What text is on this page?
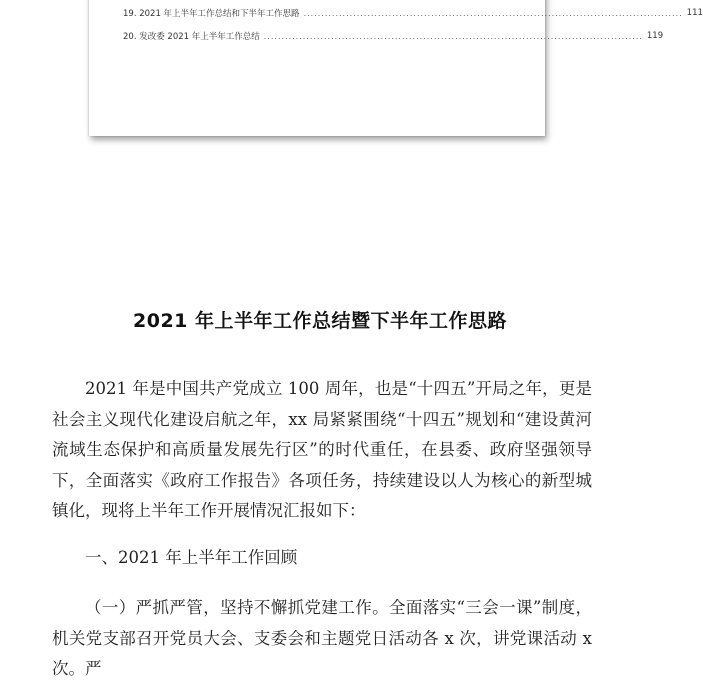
19. 2021 年上半年工作总结和下半年工作思路 ........................................................................................................... 111
20. 发改委 2021 年上半年工作总结 ........................................................................................................... 119
2021 年上半年工作总结暨下半年工作思路
2021 年是中国共产党成立 100 周年，也是“十四五”开局之年，更是社会主义现代化建设启航之年，xx 局紧紧围绕“十四五”规划和“建设黄河流域生态保护和高质量发展先行区”的时代重任，在县委、政府坚强领导下，全面落实《政府工作报告》各项任务，持续建设以人为核心的新型城镇化，现将上半年工作开展情况汇报如下：
一、2021 年上半年工作回顾
（一）严抓严管，坚持不懈抓党建工作。全面落实“三会一课”制度，机关党支部召开党员大会、支委会和主题党日活动各 x 次，讲党课活动 x 次。严
